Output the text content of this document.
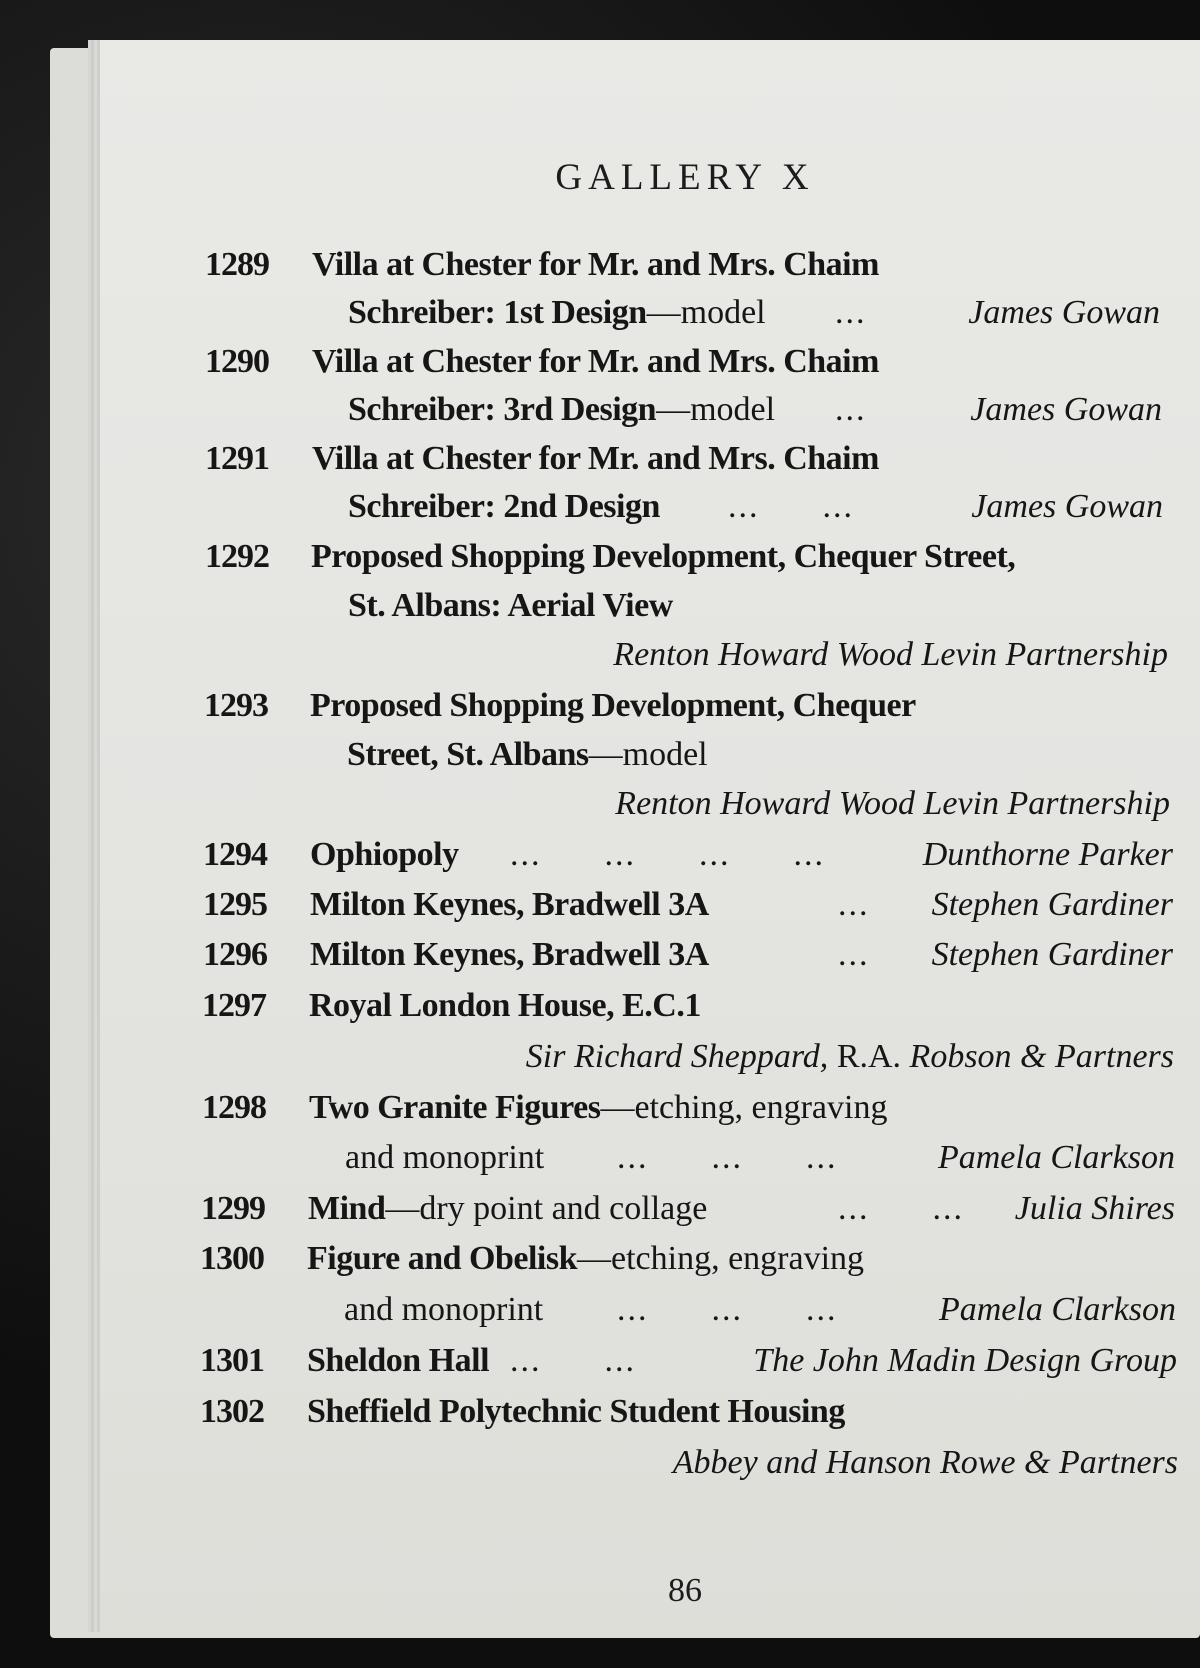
GALLERY X
1289 Villa at Chester for Mr. and Mrs. Chaim
Schreiber: 1st Design—model ...	James Gowan
1290 Villa at Chester for Mr. and Mrs. Chaim
Schreiber: 3rd Design—model ...	James Gowan
1291 Villa at Chester for Mr. and Mrs. Chaim
Schreiber: 2nd Design ...      ...	James Gowan
1292 Proposed Shopping Development, Chequer Street,
St. Albans: Aerial View
Renton Howard Wood Levin Partnership
1293 Proposed Shopping Development, Chequer
Street, St. Albans—model
Renton Howard Wood Levin Partnership
1294 Ophiopoly ...      ...      ...      ...	Dunthorne Parker
1295 Milton Keynes, Bradwell 3A	...	Stephen Gardiner
1296 Milton Keynes, Bradwell 3A	...	Stephen Gardiner
1297 Royal London House, E.C.1
Sir Richard Sheppard, R.A. Robson & Partners
1298 Two Granite Figures—etching, engraving
and monoprint ...      ...      ...	Pamela Clarkson
1299 Mind—dry point and collage	...      ...	Julia Shires
1300 Figure and Obelisk—etching, engraving
and monoprint ...      ...      ...	Pamela Clarkson
1301 Sheldon Hall ...      ...	The John Madin Design Group
1302 Sheffield Polytechnic Student Housing
Abbey and Hanson Rowe & Partners
86
